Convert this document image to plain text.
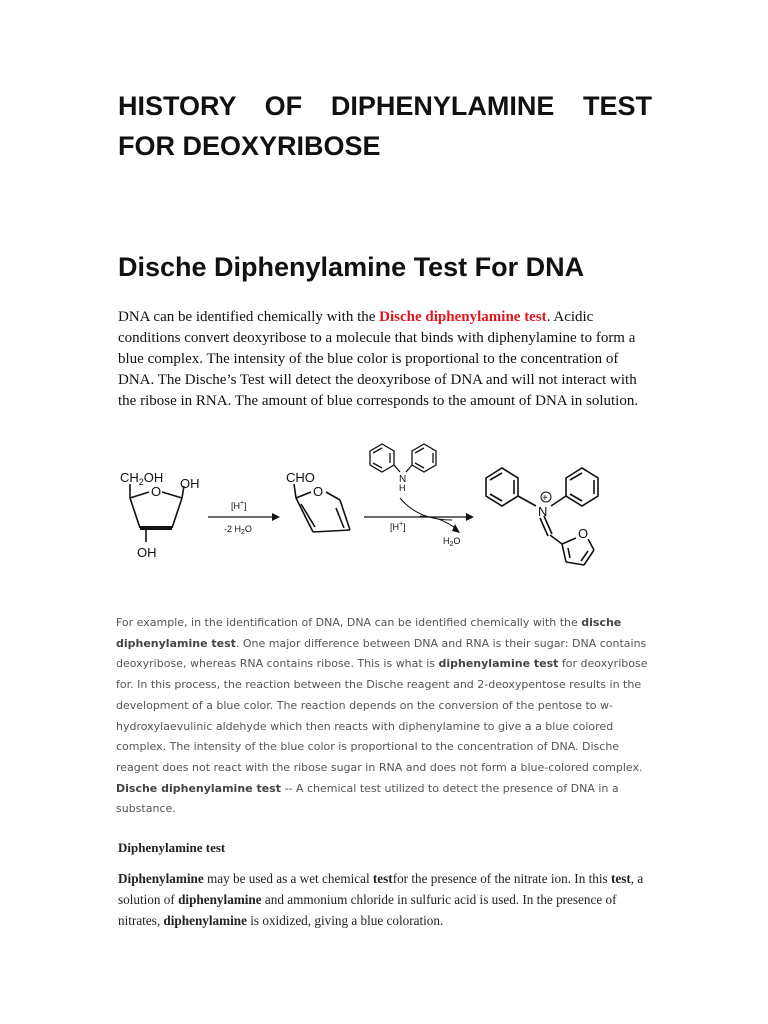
HISTORY OF DIPHENYLAMINE TEST
FOR DEOXYRIBOSE
Dische Diphenylamine Test For DNA

DNA can be identified chemically with the Dische diphenylamine test. Acidic conditions convert deoxyribose to a molecule that binds with diphenylamine to form a blue complex. The intensity of the blue color is proportional to the concentration of DNA. The Dische’s Test will detect the deoxyribose of DNA and will not interact with the ribose in RNA. The amount of blue corresponds to the amount of DNA in solution.

$CH_2OH$ OH
O
OH
[H+]
-2 $H_2O$
CHO
O
N
H
[H+]
$H_2O$
+
N
O

For example, in the identification of DNA, DNA can be identified chemically with the dische diphenylamine test. One major difference between DNA and RNA is their sugar: DNA contains deoxyribose, whereas RNA contains ribose. This is what is diphenylamine test for deoxyribose for. In this process, the reaction between the Dische reagent and 2-deoxypentose results in the development of a blue color. The reaction depends on the conversion of the pentose to w-hydroxylaevulinic aldehyde which then reacts with diphenylamine to give a a blue colored complex. The intensity of the blue color is proportional to the concentration of DNA. Dische reagent does not react with the ribose sugar in RNA and does not form a blue-colored complex. Dische diphenylamine test -- A chemical test utilized to detect the presence of DNA in a substance.

Diphenylamine test

Diphenylamine may be used as a wet chemical testfor the presence of the nitrate ion. In this test, a solution of diphenylamine and ammonium chloride in sulfuric acid is used. In the presence of nitrates, diphenylamine is oxidized, giving a blue coloration.
